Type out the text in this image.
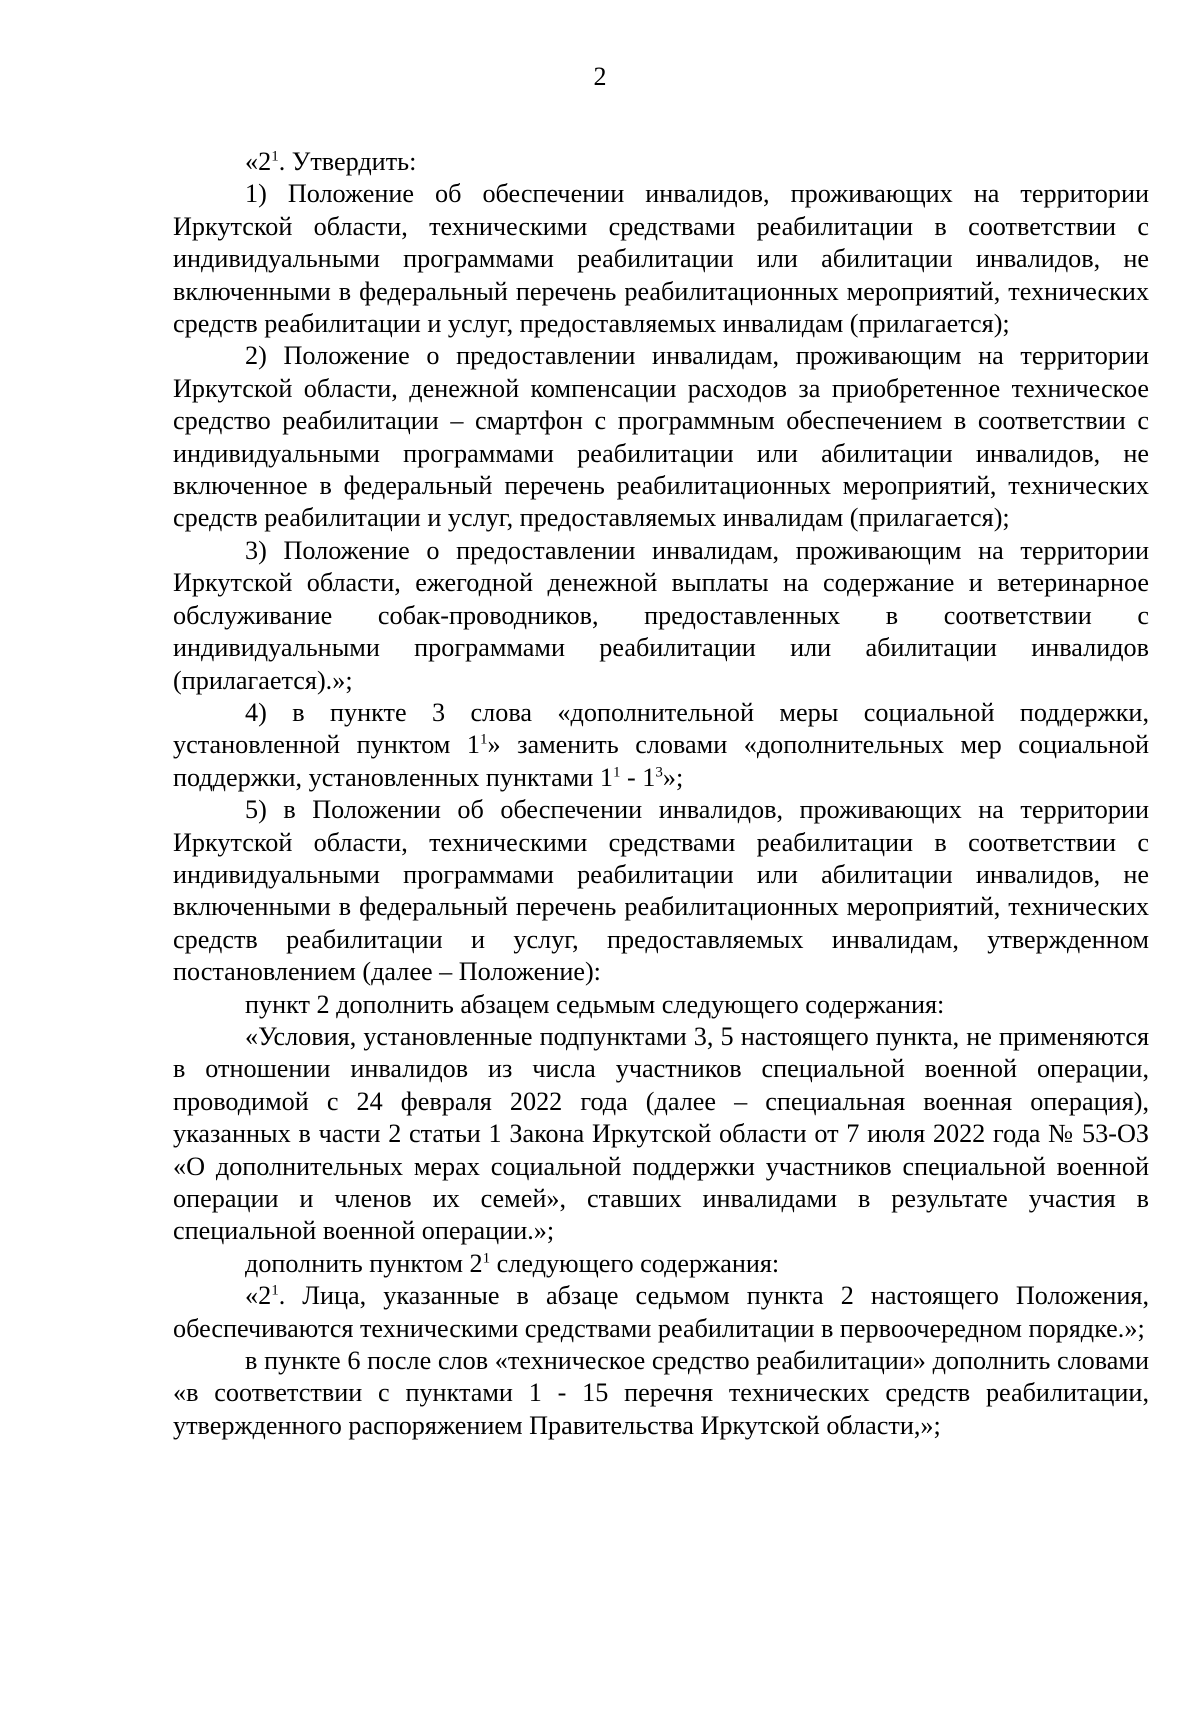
2

«$2^1$. Утвердить:

1) Положение об обеспечении инвалидов, проживающих на территории Иркутской области, техническими средствами реабилитации в соответствии с индивидуальными программами реабилитации или абилитации инвалидов, не включенными в федеральный перечень реабилитационных мероприятий, технических средств реабилитации и услуг, предоставляемых инвалидам (прилагается);

2) Положение о предоставлении инвалидам, проживающим на территории Иркутской области, денежной компенсации расходов за приобретенное техническое средство реабилитации – смартфон с программным обеспечением в соответствии с индивидуальными программами реабилитации или абилитации инвалидов, не включенное в федеральный перечень реабилитационных мероприятий, технических средств реабилитации и услуг, предоставляемых инвалидам (прилагается);

3) Положение о предоставлении инвалидам, проживающим на территории Иркутской области, ежегодной денежной выплаты на содержание и ветеринарное обслуживание собак-проводников, предоставленных в соответствии с индивидуальными программами реабилитации или абилитации инвалидов (прилагается).»;

4) в пункте 3 слова «дополнительной меры социальной поддержки, установленной пунктом $1^1$» заменить словами «дополнительных мер социальной поддержки, установленных пунктами $1^1 - 1^3$»;

5) в Положении об обеспечении инвалидов, проживающих на территории Иркутской области, техническими средствами реабилитации в соответствии с индивидуальными программами реабилитации или абилитации инвалидов, не включенными в федеральный перечень реабилитационных мероприятий, технических средств реабилитации и услуг, предоставляемых инвалидам, утвержденном постановлением (далее – Положение):

пункт 2 дополнить абзацем седьмым следующего содержания:

«Условия, установленные подпунктами 3, 5 настоящего пункта, не применяются в отношении инвалидов из числа участников специальной военной операции, проводимой с 24 февраля 2022 года (далее – специальная военная операция), указанных в части 2 статьи 1 Закона Иркутской области от 7 июля 2022 года № 53-ОЗ «О дополнительных мерах социальной поддержки участников специальной военной операции и членов их семей», ставших инвалидами в результате участия в специальной военной операции.»;

дополнить пунктом $2^1$ следующего содержания:

«$2^1$. Лица, указанные в абзаце седьмом пункта 2 настоящего Положения, обеспечиваются техническими средствами реабилитации в первоочередном порядке.»;

в пункте 6 после слов «техническое средство реабилитации» дополнить словами «в соответствии с пунктами 1 - 15 перечня технических средств реабилитации, утвержденного распоряжением Правительства Иркутской области,»;
